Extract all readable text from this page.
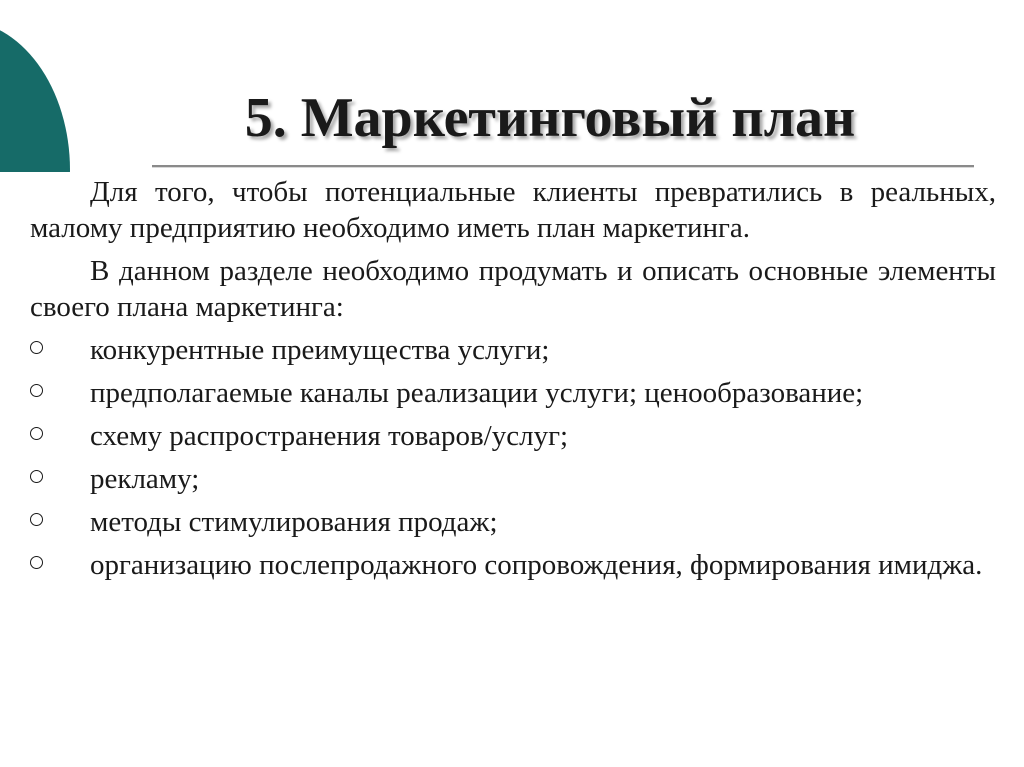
5. Маркетинговый план

Для того, чтобы потенциальные клиенты превратились в реальных, малому предприятию необходимо иметь план маркетинга.

В данном разделе необходимо продумать и описать основные элементы своего плана маркетинга:

конкурентные преимущества услуги;
предполагаемые каналы реализации услуги; ценообразование;
схему распространения товаров/услуг;
рекламу;
методы стимулирования продаж;
организацию послепродажного сопровождения, формирования имиджа.
